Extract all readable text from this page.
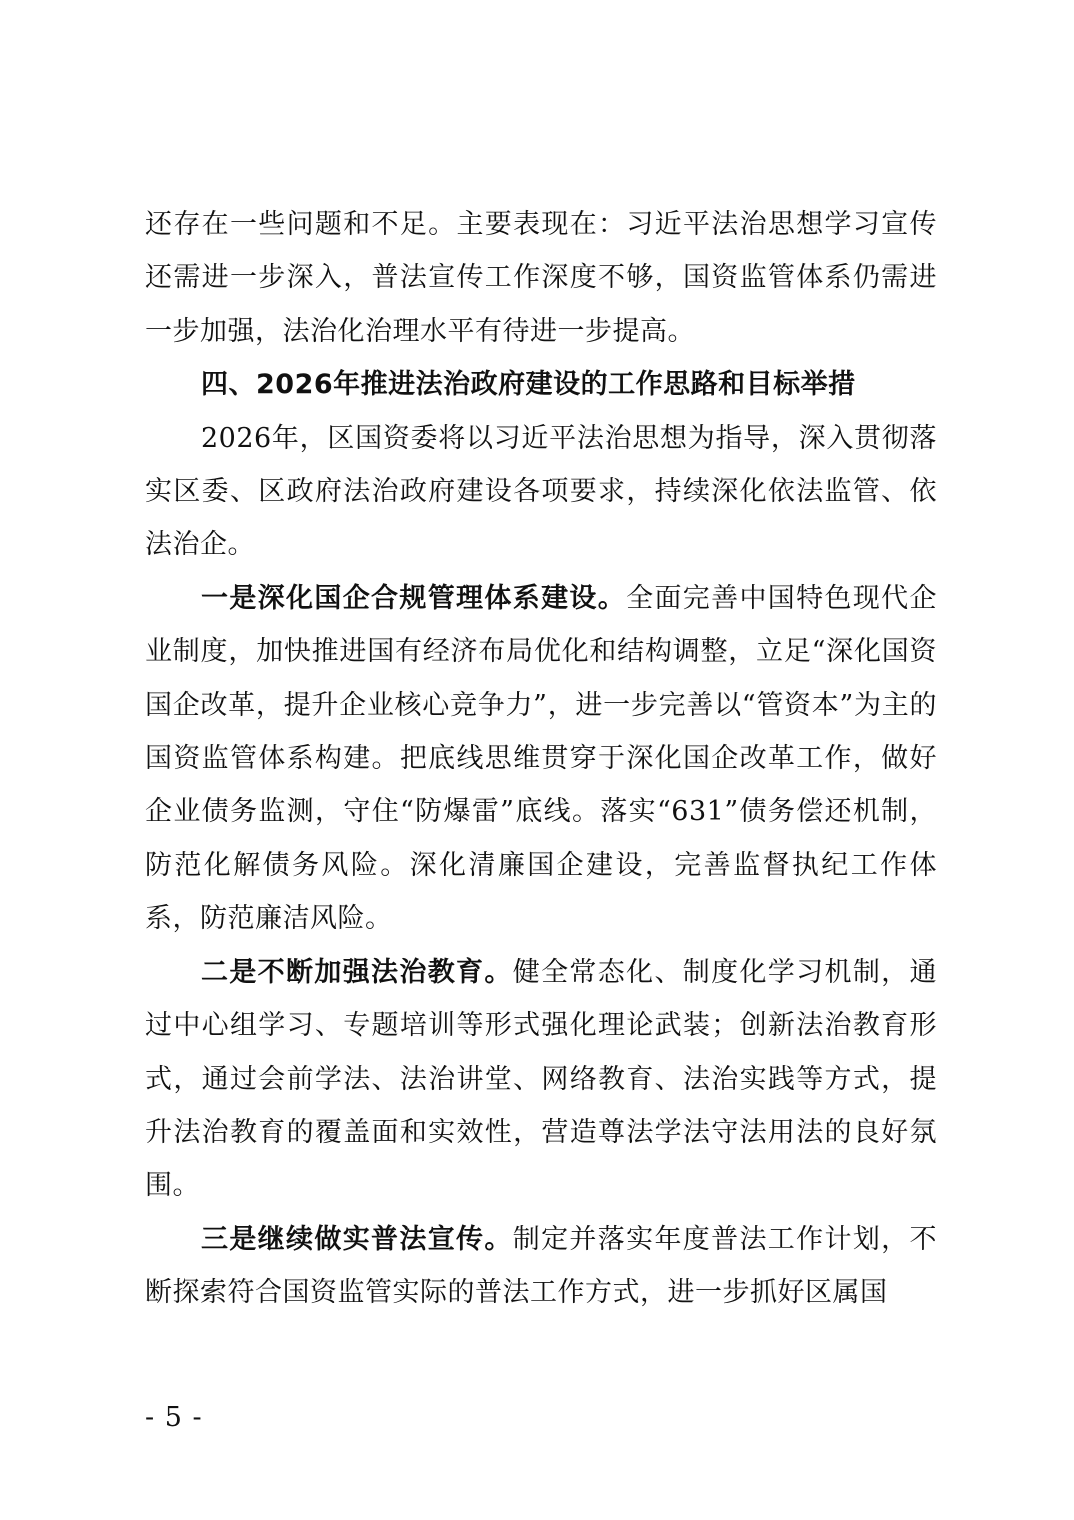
还存在一些问题和不足。主要表现在：习近平法治思想学习宣传还需进一步深入，普法宣传工作深度不够，国资监管体系仍需进一步加强，法治化治理水平有待进一步提高。

四、2026年推进法治政府建设的工作思路和目标举措

2026年，区国资委将以习近平法治思想为指导，深入贯彻落实区委、区政府法治政府建设各项要求，持续深化依法监管、依法治企。

一是深化国企合规管理体系建设。全面完善中国特色现代企业制度，加快推进国有经济布局优化和结构调整，立足“深化国资国企改革，提升企业核心竞争力”，进一步完善以“管资本”为主的国资监管体系构建。把底线思维贯穿于深化国企改革工作，做好企业债务监测，守住“防爆雷”底线。落实“631”债务偿还机制，防范化解债务风险。深化清廉国企建设，完善监督执纪工作体系，防范廉洁风险。

二是不断加强法治教育。健全常态化、制度化学习机制，通过中心组学习、专题培训等形式强化理论武装；创新法治教育形式，通过会前学法、法治讲堂、网络教育、法治实践等方式，提升法治教育的覆盖面和实效性，营造尊法学法守法用法的良好氛围。

三是继续做实普法宣传。制定并落实年度普法工作计划，不断探索符合国资监管实际的普法工作方式，进一步抓好区属国

- 5 -
